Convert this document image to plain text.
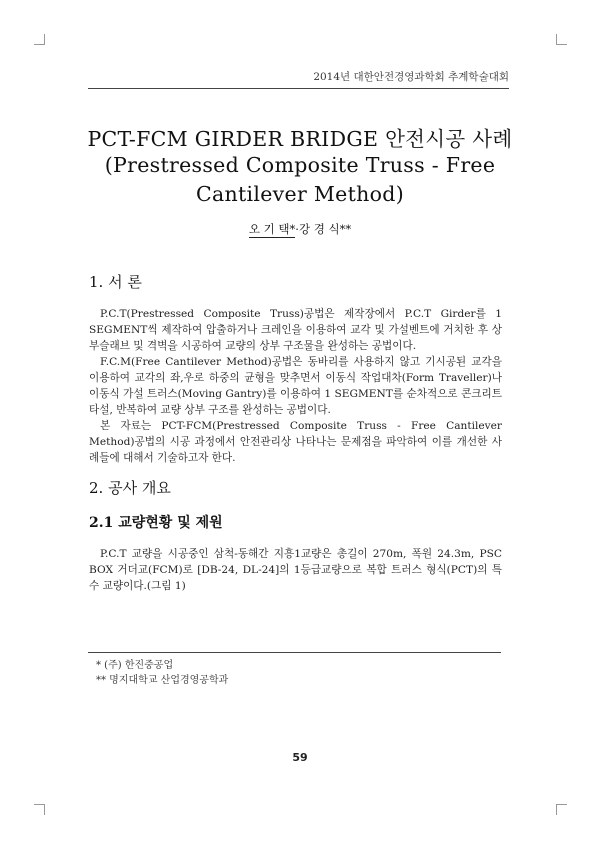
2014년 대한안전경영과학회 추계학술대회
PCT-FCM GIRDER BRIDGE 안전시공 사례
(Prestressed Composite Truss - Free
Cantilever Method)
오 기 택*·강 경 식**
1. 서 론

P.C.T(Prestressed Composite Truss)공법은 제작장에서 P.C.T Girder를 1 SEGMENT씩 제작하여 압출하거나 크레인을 이용하여 교각 및 가설벤트에 거치한 후 상부슬래브 및 격벽을 시공하여 교량의 상부 구조물을 완성하는 공법이다.

F.C.M(Free Cantilever Method)공법은 동바리를 사용하지 않고 기시공된 교각을 이용하여 교각의 좌,우로 하중의 균형을 맞추면서 이동식 작업대차(Form Traveller)나 이동식 가설 트러스(Moving Gantry)를 이용하여 1 SEGMENT를 순차적으로 콘크리트 타설, 반복하여 교량 상부 구조를 완성하는 공법이다.

본 자료는 PCT-FCM(Prestressed Composite Truss - Free Cantilever Method)공법의 시공 과정에서 안전관리상 나타나는 문제점을 파악하여 이를 개선한 사례들에 대해서 기술하고자 한다.

2. 공사 개요
2.1 교량현황 및 제원

P.C.T 교량을 시공중인 삼척-동해간 지흥1교량은 총길이 270m, 폭원 24.3m, PSC BOX 거더교(FCM)로 [DB-24, DL-24]의 1등급교량으로 복합 트러스 형식(PCT)의 특수 교량이다.(그림 1)

* (주) 한진중공업
** 명지대학교 산업경영공학과
59
